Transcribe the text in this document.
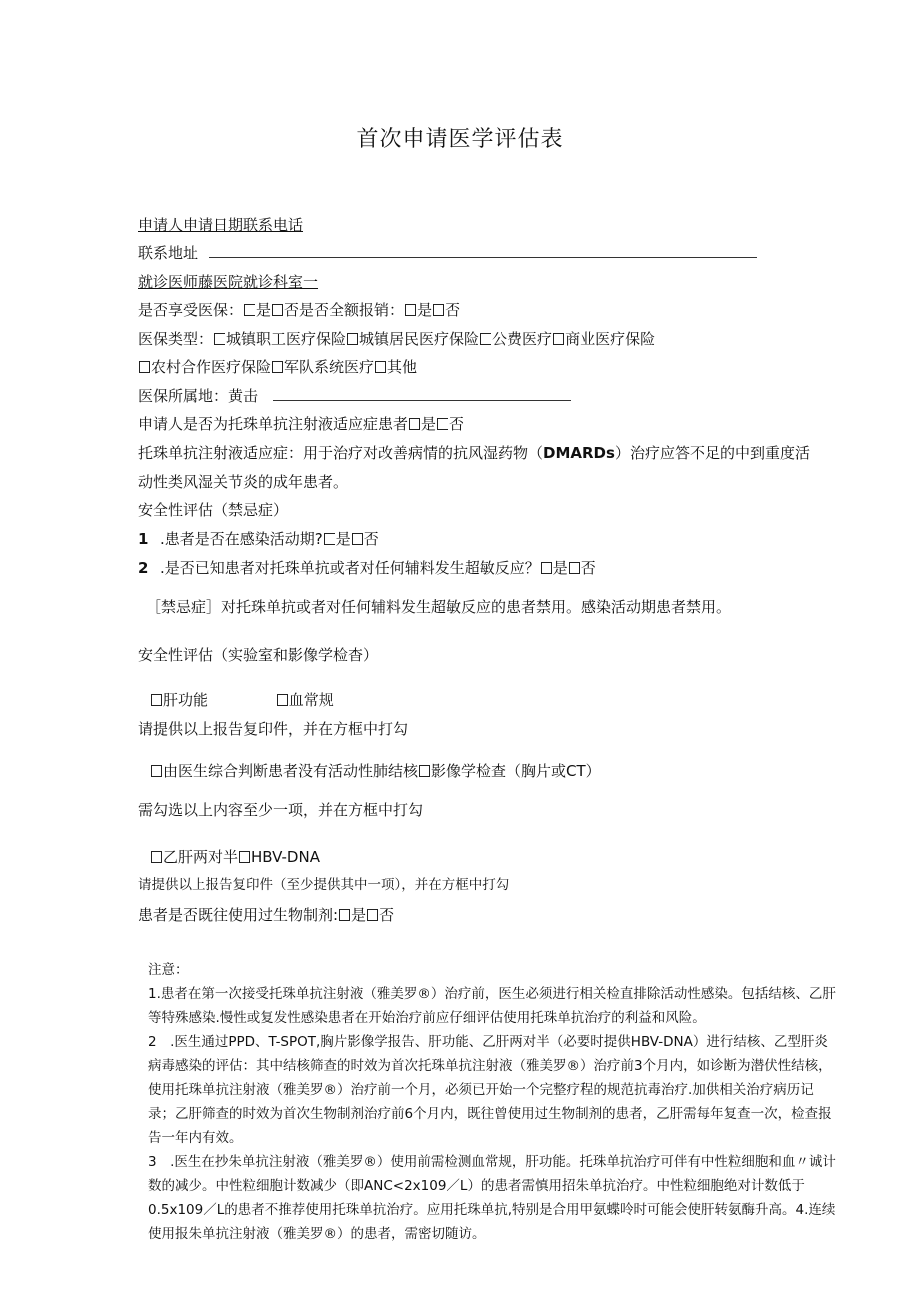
首次申请医学评估表
申请人申请日期联系电话
联系地址
就诊医师藤医院就诊科室一
是否享受医保： 是 否是否全额报销： 是 否
医保类型： 城镇职工医疗保险 城镇居民医疗保险 公费医疗 商业医疗保险
农村合作医疗保险 军队系统医疗 其他
医保所属地：黄击
申请人是否为托珠单抗注射液适应症患者 是 否
托珠单抗注射液适应症：用于治疗对改善病情的抗风湿药物（DMARDs）治疗应答不足的中到重度活
动性类风湿关节炎的成年患者。
安全性评估（禁忌症）
1 .患者是否在感染活动期? 是 否
2 .是否已知患者对托珠单抗或者对任何辅料发生超敏反应？ 是 否
［禁忌症］对托珠单抗或者对任何辅料发生超敏反应的患者禁用。感染活动期患者禁用。
安全性评估（实验室和影像学检杳）
肝功能	血常规
请提供以上报告复印件，并在方框中打勾
由医生综合判断患者没有活动性肺结核 影像学检查（胸片或CT）
需勾选以上内容至少一项，并在方框中打勾
乙肝两对半 HBV-DNA
请提供以上报告复印件（至少提供其中一项），并在方框中打勾
患者是否既往使用过生物制剂: 是 否

注意：

1.患者在第一次接受托珠单抗注射液（雅美罗®）治疗前，医生必须进行相关检直排除活动性感染。包括结核、乙肝等特殊感染.慢性或复发性感染患者在开始治疗前应仔细评估使用托珠单抗治疗的利益和风险。

2　.医生通过PPD、T-SPOT,胸片影像学报告、肝功能、乙肝两对半（必要时提供HBV-DNA）进行结核、乙型肝炎病毒感染的评估：其中结核筛查的时效为首次托珠单抗注射液（雅美罗®）治疗前3个月内，如诊断为潜伏性结核，使用托珠单抗注射液（雅美罗®）治疗前一个月，必须已开始一个完整疗程的规范抗毒治疗.加供相关治疗病历记录；乙肝筛查的时效为首次生物制剂治疗前6个月内，既往曾使用过生物制剂的患者，乙肝需每年复查一次，检查报告一年内有效。

3　.医生在抄朱单抗注射液（雅美罗®）使用前需检测血常规，肝功能。托珠单抗治疗可伴有中性粒细胞和血〃诚计数的减少。中性粒细胞计数减少（即ANC<2x109／L）的患者需慎用招朱单抗治疗。中性粒细胞绝对计数低于0.5x109／L的患者不推荐使用托珠单抗治疗。应用托珠单抗,特别是合用甲氨蝶呤时可能会使肝转氨酶升高。4.连续使用报朱单抗注射液（雅美罗®）的患者，需密切随访。
